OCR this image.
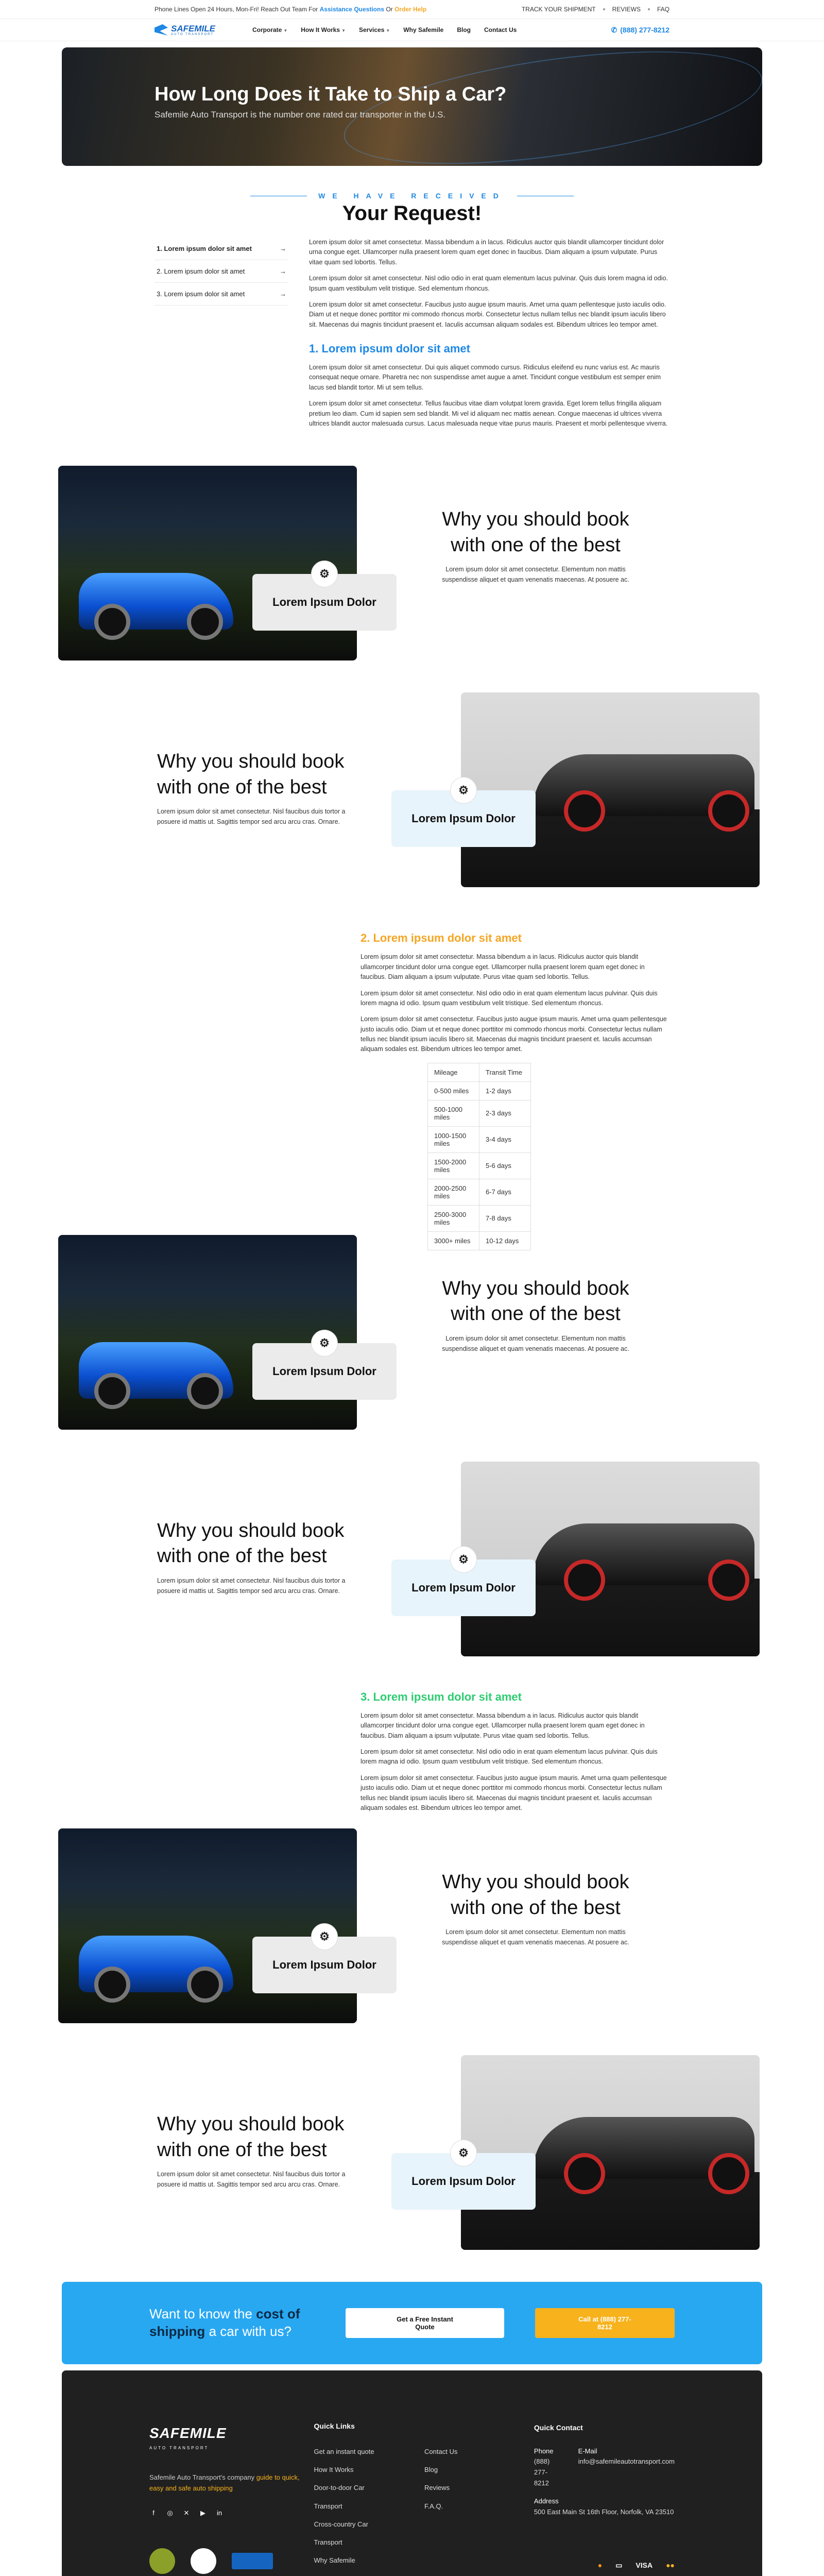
Phone Lines Open 24 Hours, Mon-Fri! Reach Out Team For Assistance Questions Or Order Help	TRACK YOUR SHIPMENT	REVIEWS	FAQ
SAFEMILE
AUTO TRANSPORT
Corporate ▼ How It Works ▼ Services ▼ Why Safemile Blog Contact Us	✆ (888) 277-8212
How Long Does it Take to Ship a Car?

Safemile Auto Transport is the number one rated car transporter in the U.S.

WE HAVE RECEIVED
Your Request!
1. Lorem ipsum dolor sit amet	→
2. Lorem ipsum dolor sit amet	→
3. Lorem ipsum dolor sit amet	→

Lorem ipsum dolor sit amet consectetur. Massa bibendum a in lacus. Ridiculus auctor quis blandit ullamcorper tincidunt dolor urna congue eget. Ullamcorper nulla praesent lorem quam eget donec in faucibus. Diam aliquam a ipsum vulputate. Purus vitae quam sed lobortis. Tellus.

Lorem ipsum dolor sit amet consectetur. Nisl odio odio in erat quam elementum lacus pulvinar. Quis duis lorem magna id odio. Ipsum quam vestibulum velit tristique. Sed elementum rhoncus.

Lorem ipsum dolor sit amet consectetur. Faucibus justo augue ipsum mauris. Amet urna quam pellentesque justo iaculis odio. Diam ut et neque donec porttitor mi commodo rhoncus morbi. Consectetur lectus nullam tellus nec blandit ipsum iaculis libero sit. Maecenas dui magnis tincidunt praesent et. Iaculis accumsan aliquam sodales est. Bibendum ultrices leo tempor amet.

1. Lorem ipsum dolor sit amet

Lorem ipsum dolor sit amet consectetur. Dui quis aliquet commodo cursus. Ridiculus eleifend eu nunc varius est. Ac mauris consequat neque ornare. Pharetra nec non suspendisse amet augue a amet. Tincidunt congue vestibulum est semper enim lacus sed blandit tortor. Mi ut sem tellus.

Lorem ipsum dolor sit amet consectetur. Tellus faucibus vitae diam volutpat lorem gravida. Eget lorem tellus fringilla aliquam pretium leo diam. Cum id sapien sem sed blandit. Mi vel id aliquam nec mattis aenean. Congue maecenas id ultrices viverra ultrices blandit auctor malesuada cursus. Lacus malesuada neque vitae purus mauris. Praesent et morbi pellentesque viverra.

⚙
Lorem Ipsum Dolor
Why you should book with one of the best

Lorem ipsum dolor sit amet consectetur. Elementum non mattis suspendisse aliquet et quam venenatis maecenas. At posuere ac.

⚙
Lorem Ipsum Dolor
Why you should book with one of the best

Lorem ipsum dolor sit amet consectetur. Nisl faucibus duis tortor a posuere id mattis ut. Sagittis tempor sed arcu arcu cras. Ornare.

2. Lorem ipsum dolor sit amet

Lorem ipsum dolor sit amet consectetur. Massa bibendum a in lacus. Ridiculus auctor quis blandit ullamcorper tincidunt dolor urna congue eget. Ullamcorper nulla praesent lorem quam eget donec in faucibus. Diam aliquam a ipsum vulputate. Purus vitae quam sed lobortis. Tellus.

Lorem ipsum dolor sit amet consectetur. Nisl odio odio in erat quam elementum lacus pulvinar. Quis duis lorem magna id odio. Ipsum quam vestibulum velit tristique. Sed elementum rhoncus.

Lorem ipsum dolor sit amet consectetur. Faucibus justo augue ipsum mauris. Amet urna quam pellentesque justo iaculis odio. Diam ut et neque donec porttitor mi commodo rhoncus morbi. Consectetur lectus nullam tellus nec blandit ipsum iaculis libero sit. Maecenas dui magnis tincidunt praesent et. Iaculis accumsan aliquam sodales est. Bibendum ultrices leo tempor amet.

Mileage	Transit Time
0-500 miles	1-2 days
500-1000 miles	2-3 days
1000-1500 miles	3-4 days
1500-2000 miles	5-6 days
2000-2500 miles	6-7 days
2500-3000 miles	7-8 days
3000+ miles	10-12 days
⚙
Lorem Ipsum Dolor
Why you should book with one of the best

Lorem ipsum dolor sit amet consectetur. Elementum non mattis suspendisse aliquet et quam venenatis maecenas. At posuere ac.

⚙
Lorem Ipsum Dolor
Why you should book with one of the best

Lorem ipsum dolor sit amet consectetur. Nisl faucibus duis tortor a posuere id mattis ut. Sagittis tempor sed arcu arcu cras. Ornare.

3. Lorem ipsum dolor sit amet

Lorem ipsum dolor sit amet consectetur. Massa bibendum a in lacus. Ridiculus auctor quis blandit ullamcorper tincidunt dolor urna congue eget. Ullamcorper nulla praesent lorem quam eget donec in faucibus. Diam aliquam a ipsum vulputate. Purus vitae quam sed lobortis. Tellus.

Lorem ipsum dolor sit amet consectetur. Nisl odio odio in erat quam elementum lacus pulvinar. Quis duis lorem magna id odio. Ipsum quam vestibulum velit tristique. Sed elementum rhoncus.

Lorem ipsum dolor sit amet consectetur. Faucibus justo augue ipsum mauris. Amet urna quam pellentesque justo iaculis odio. Diam ut et neque donec porttitor mi commodo rhoncus morbi. Consectetur lectus nullam tellus nec blandit ipsum iaculis libero sit. Maecenas dui magnis tincidunt praesent et. Iaculis accumsan aliquam sodales est. Bibendum ultrices leo tempor amet.

⚙
Lorem Ipsum Dolor
Why you should book with one of the best

Lorem ipsum dolor sit amet consectetur. Elementum non mattis suspendisse aliquet et quam venenatis maecenas. At posuere ac.

⚙
Lorem Ipsum Dolor
Why you should book with one of the best

Lorem ipsum dolor sit amet consectetur. Nisl faucibus duis tortor a posuere id mattis ut. Sagittis tempor sed arcu arcu cras. Ornare.

Want to know the cost of shipping a car with us?
Get a Free Instant Quote
Call at (888) 277-8212
SAFEMILE
AUTO TRANSPORT
Safemile Auto Transport's company guide to quick, easy and safe auto shipping
f	◎ ✕ ▶ in

Quick Links
Get an instant quote
How It Works
Door-to-door Car Transport
Cross-country Car Transport
Why Safemile
Contact Us
Blog
Reviews F.A.Q.
Quick Contact
Phone
(888) 277-8212
E-Mail
info@safemileautotransport.com
Address
500 East Main St 16th Floor, Norfolk, VA 23510
● ▭ VISA ●●
